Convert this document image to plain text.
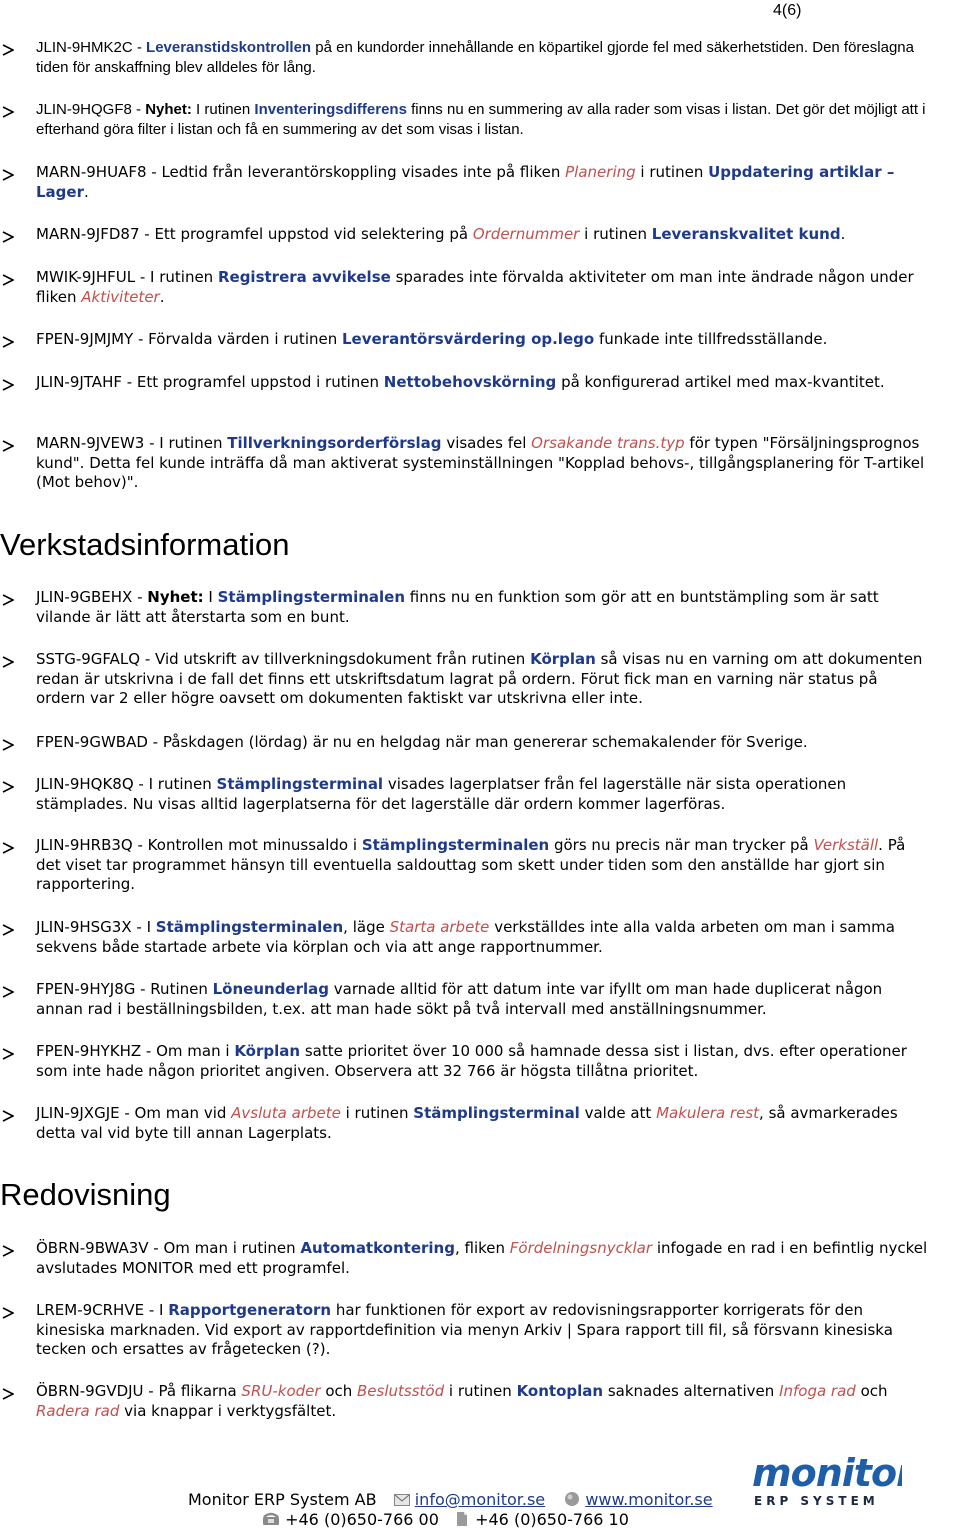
4(6)
JLIN-9HMK2C - Leveranstidskontrollen på en kundorder innehållande en köpartikel gjorde fel med säkerhetstiden. Den föreslagna tiden för anskaffning blev alldeles för lång.
JLIN-9HQGF8 - Nyhet: I rutinen Inventeringsdifferens finns nu en summering av alla rader som visas i listan. Det gör det möjligt att i efterhand göra filter i listan och få en summering av det som visas i listan.
MARN-9HUAF8 - Ledtid från leverantörskoppling visades inte på fliken Planering i rutinen Uppdatering artiklar – Lager.
MARN-9JFD87 - Ett programfel uppstod vid selektering på Ordernummer i rutinen Leveranskvalitet kund.
MWIK-9JHFUL - I rutinen Registrera avvikelse sparades inte förvalda aktiviteter om man inte ändrade någon under fliken Aktiviteter.
FPEN-9JMJMY - Förvalda värden i rutinen Leverantörsvärdering op.lego funkade inte tillfredsställande.
JLIN-9JTAHF - Ett programfel uppstod i rutinen Nettobehovskörning på konfigurerad artikel med max-kvantitet.
MARN-9JVEW3 - I rutinen Tillverkningsorderförslag visades fel Orsakande trans.typ för typen "Försäljningsprognos kund". Detta fel kunde inträffa då man aktiverat systeminställningen "Kopplad behovs-, tillgångsplanering för T-artikel (Mot behov)".
Verkstadsinformation
JLIN-9GBEHX - Nyhet: I Stämplingsterminalen finns nu en funktion som gör att en buntstämpling som är satt vilande är lätt att återstarta som en bunt.
SSTG-9GFALQ - Vid utskrift av tillverkningsdokument från rutinen Körplan så visas nu en varning om att dokumenten redan är utskrivna i de fall det finns ett utskriftsdatum lagrat på ordern. Förut fick man en varning när status på ordern var 2 eller högre oavsett om dokumenten faktiskt var utskrivna eller inte.
FPEN-9GWBAD - Påskdagen (lördag) är nu en helgdag när man genererar schemakalender för Sverige.
JLIN-9HQK8Q - I rutinen Stämplingsterminal visades lagerplatser från fel lagerställe när sista operationen stämplades. Nu visas alltid lagerplatserna för det lagerställe där ordern kommer lagerföras.
JLIN-9HRB3Q - Kontrollen mot minussaldo i Stämplingsterminalen görs nu precis när man trycker på Verkställ. På det viset tar programmet hänsyn till eventuella saldouttag som skett under tiden som den anställde har gjort sin rapportering.
JLIN-9HSG3X - I Stämplingsterminalen, läge Starta arbete verkställdes inte alla valda arbeten om man i samma sekvens både startade arbete via körplan och via att ange rapportnummer.
FPEN-9HYJ8G - Rutinen Löneunderlag varnade alltid för att datum inte var ifyllt om man hade duplicerat någon annan rad i beställningsbilden, t.ex. att man hade sökt på två intervall med anställningsnummer.
FPEN-9HYKHZ - Om man i Körplan satte prioritet över 10 000 så hamnade dessa sist i listan, dvs. efter operationer som inte hade någon prioritet angiven. Observera att 32 766 är högsta tillåtna prioritet.
JLIN-9JXGJE - Om man vid Avsluta arbete i rutinen Stämplingsterminal valde att Makulera rest, så avmarkerades detta val vid byte till annan Lagerplats.
Redovisning
ÖBRN-9BWA3V - Om man i rutinen Automatkontering, fliken Fördelningsnycklar infogade en rad i en befintlig nyckel avslutades MONITOR med ett programfel.
LREM-9CRHVE - I Rapportgeneratorn har funktionen för export av redovisningsrapporter korrigerats för den kinesiska marknaden. Vid export av rapportdefinition via menyn Arkiv | Spara rapport till fil, så försvann kinesiska tecken och ersattes av frågetecken (?).
ÖBRN-9GVDJU - På flikarna SRU-koder och Beslutsstöd i rutinen Kontoplan saknades alternativen Infoga rad och Radera rad via knappar i verktygsfältet.
Monitor ERP System AB info@monitor.se	www.monitor.se
+46 (0)650-766 00 +46 (0)650-766 10
monitor
ERP SYSTEM
